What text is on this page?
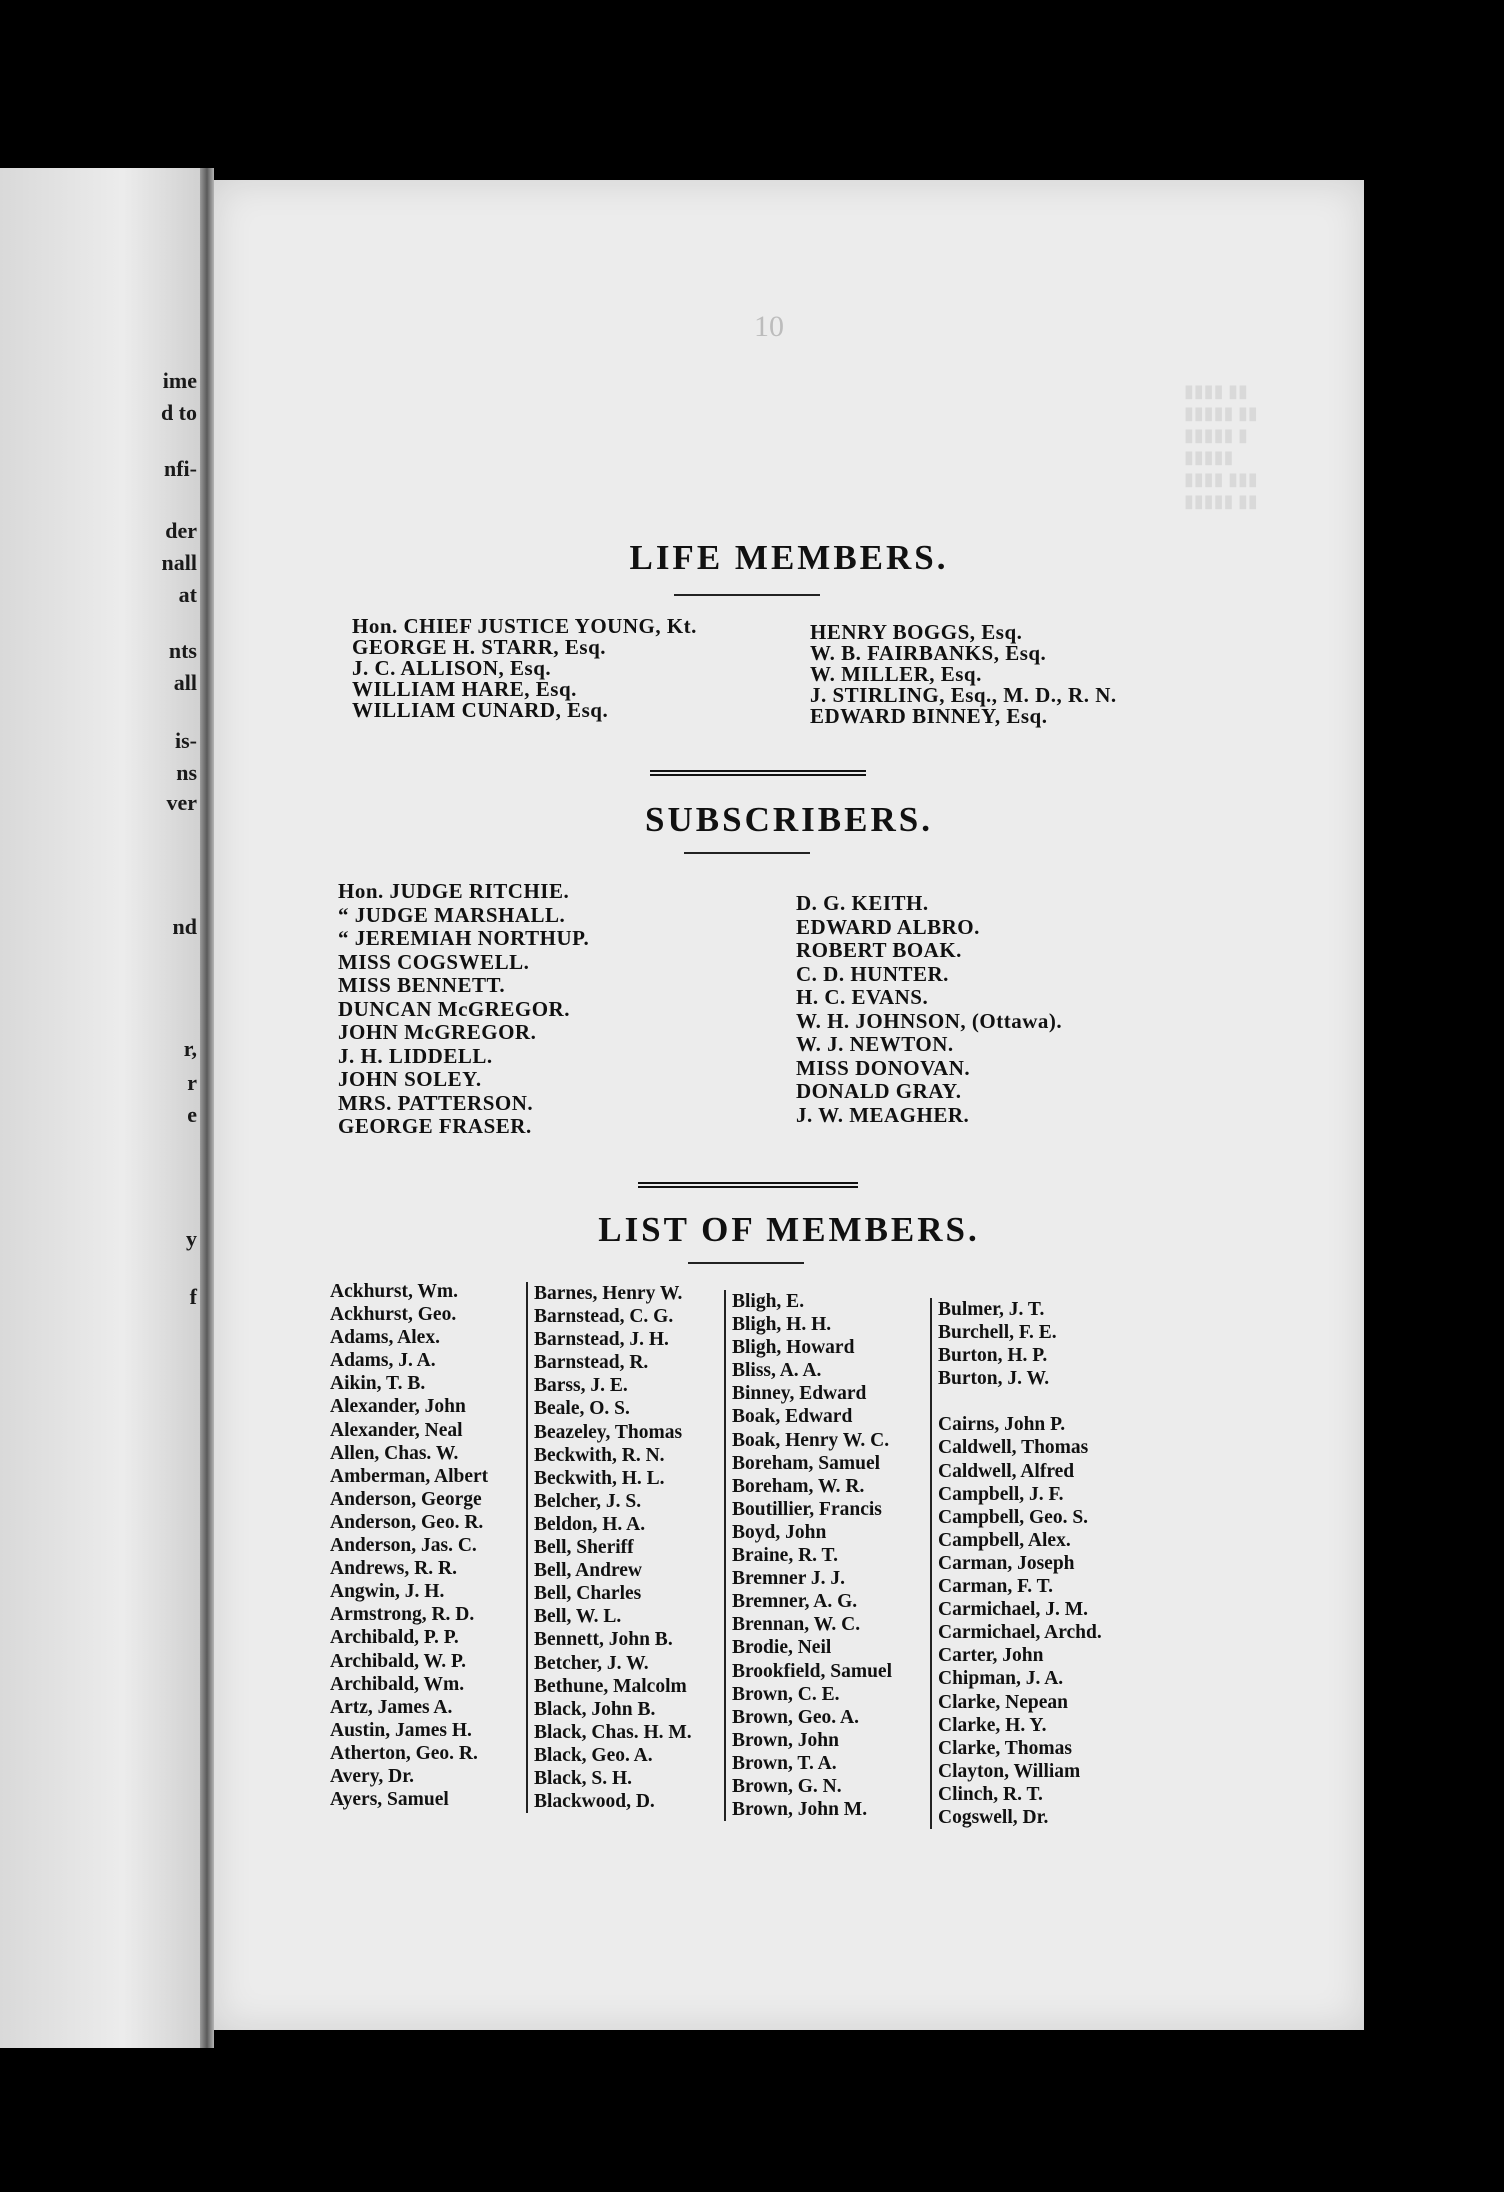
ime
d to
nfi-
der
nall
at
nts
all
is-
ns
ver
nd
r,
r
e
y
f
▮▮▮▮ ▮▮
▮▮▮▮▮ ▮▮
▮▮▮▮▮ ▮
▮▮▮▮▮
▮▮▮▮ ▮▮▮
▮▮▮▮▮ ▮▮
10
LIFE MEMBERS.
Hon. CHIEF JUSTICE YOUNG, Kt.
GEORGE H. STARR, Esq.
J. C. ALLISON, Esq.
WILLIAM HARE, Esq.
WILLIAM CUNARD, Esq.
HENRY BOGGS, Esq.
W. B. FAIRBANKS, Esq.
W. MILLER, Esq.
J. STIRLING, Esq., M. D., R. N.
EDWARD BINNEY, Esq.
SUBSCRIBERS.
Hon. JUDGE RITCHIE.
“ JUDGE MARSHALL.
“ JEREMIAH NORTHUP.
MISS COGSWELL.
MISS BENNETT.
DUNCAN McGREGOR.
JOHN McGREGOR.
J. H. LIDDELL.
JOHN SOLEY.
MRS. PATTERSON.
GEORGE FRASER.
D. G. KEITH.
EDWARD ALBRO.
ROBERT BOAK.
C. D. HUNTER.
H. C. EVANS.
W. H. JOHNSON, (Ottawa).
W. J. NEWTON.
MISS DONOVAN.
DONALD GRAY.
J. W. MEAGHER.
LIST OF MEMBERS.
Ackhurst, Wm.
Ackhurst, Geo.
Adams, Alex.
Adams, J. A.
Aikin, T. B.
Alexander, John
Alexander, Neal
Allen, Chas. W.
Amberman, Albert
Anderson, George
Anderson, Geo. R.
Anderson, Jas. C.
Andrews, R. R.
Angwin, J. H.
Armstrong, R. D.
Archibald, P. P.
Archibald, W. P.
Archibald, Wm.
Artz, James A.
Austin, James H.
Atherton, Geo. R.
Avery, Dr.
Ayers, Samuel
Barnes, Henry W.
Barnstead, C. G.
Barnstead, J. H.
Barnstead, R.
Barss, J. E.
Beale, O. S.
Beazeley, Thomas
Beckwith, R. N.
Beckwith, H. L.
Belcher, J. S.
Beldon, H. A.
Bell, Sheriff
Bell, Andrew
Bell, Charles
Bell, W. L.
Bennett, John B.
Betcher, J. W.
Bethune, Malcolm
Black, John B.
Black, Chas. H. M.
Black, Geo. A.
Black, S. H.
Blackwood, D.
Bligh, E.
Bligh, H. H.
Bligh, Howard
Bliss, A. A.
Binney, Edward
Boak, Edward
Boak, Henry W. C.
Boreham, Samuel
Boreham, W. R.
Boutillier, Francis
Boyd, John
Braine, R. T.
Bremner J. J.
Bremner, A. G.
Brennan, W. C.
Brodie, Neil
Brookfield, Samuel
Brown, C. E.
Brown, Geo. A.
Brown, John
Brown, T. A.
Brown, G. N.
Brown, John M.
Bulmer, J. T.
Burchell, F. E.
Burton, H. P.
Burton, J. W.
Cairns, John P.
Caldwell, Thomas
Caldwell, Alfred
Campbell, J. F.
Campbell, Geo. S.
Campbell, Alex.
Carman, Joseph
Carman, F. T.
Carmichael, J. M.
Carmichael, Archd.
Carter, John
Chipman, J. A.
Clarke, Nepean
Clarke, H. Y.
Clarke, Thomas
Clayton, William
Clinch, R. T.
Cogswell, Dr.
